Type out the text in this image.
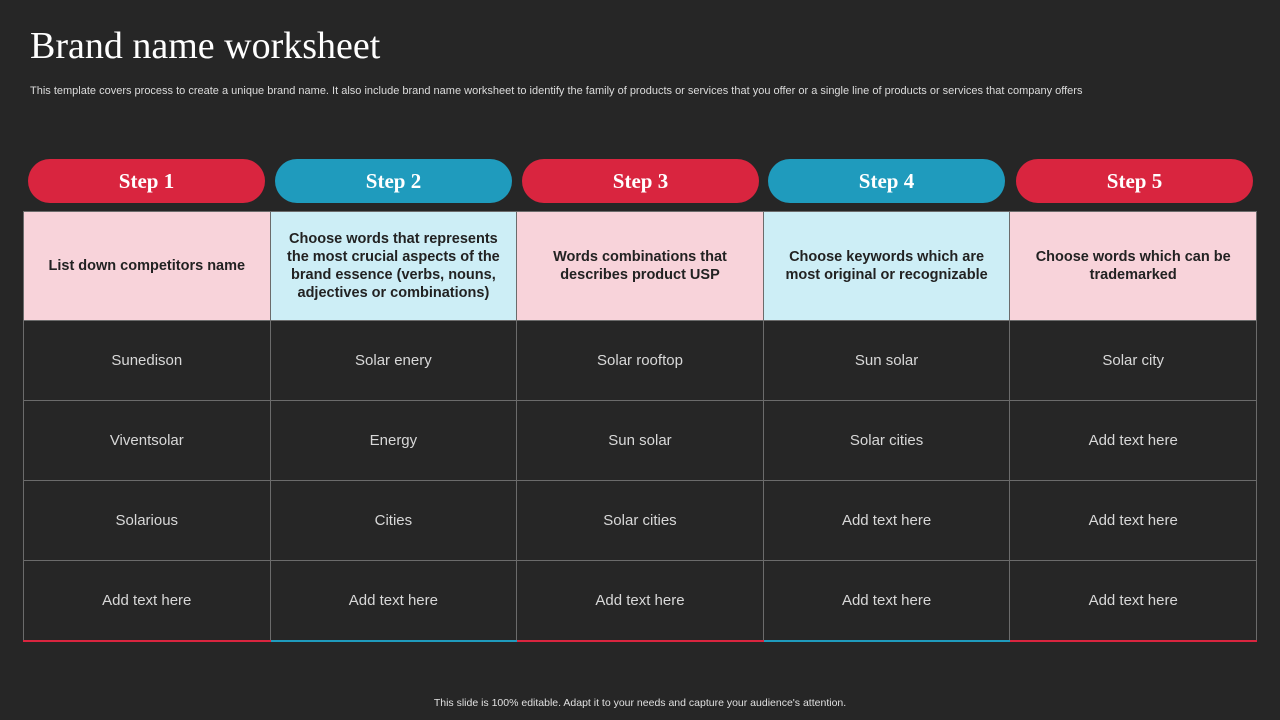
Brand name worksheet
This template covers process to create a unique brand name. It also include brand name worksheet to identify the family of products or services that you offer or a single line of products or services that company offers
Step 1	Step 2	Step 3	Step 4	Step 5
List down competitors name	Choose words that represents the most crucial aspects of the brand essence (verbs, nouns, adjectives or combinations)	Words combinations that describes product USP	Choose keywords which are most original or recognizable	Choose words which can be trademarked
Sunedison	Solar enery	Solar rooftop	Sun solar	Solar city
Viventsolar	Energy	Sun solar	Solar cities	Add text here
Solarious	Cities	Solar cities	Add text here	Add text here
Add text here	Add text here	Add text here	Add text here	Add text here
This slide is 100% editable. Adapt it to your needs and capture your audience's attention.
